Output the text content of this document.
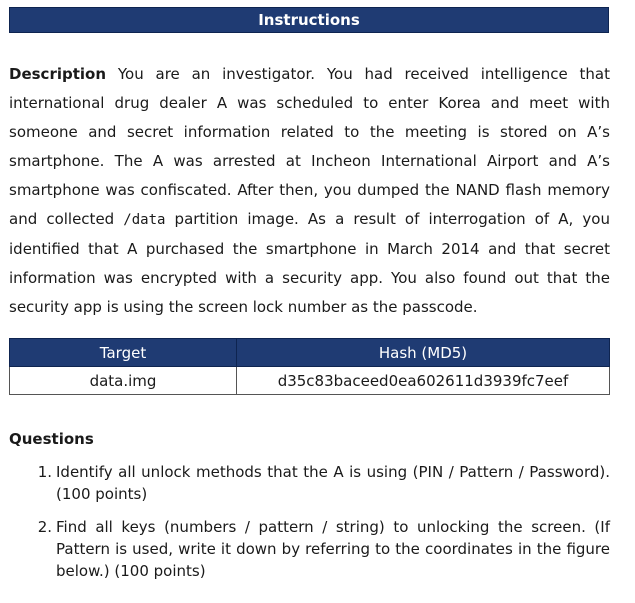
Instructions

Description You are an investigator. You had received intelligence that international drug dealer A was scheduled to enter Korea and meet with someone and secret information related to the meeting is stored on A’s smartphone. The A was arrested at Incheon International Airport and A’s smartphone was confiscated. After then, you dumped the NAND flash memory and collected /data partition image. As a result of interrogation of A, you identified that A purchased the smartphone in March 2014 and that secret information was encrypted with a security app. You also found out that the security app is using the screen lock number as the passcode.

Target	Hash (MD5)
data.img	d35c83baceed0ea602611d3939fc7eef

Questions

1. Identify all unlock methods that the A is using (PIN / Pattern / Password). (100 points)
2. Find all keys (numbers / pattern / string) to unlocking the screen. (If Pattern is used, write it down by referring to the coordinates in the figure below.) (100 points)
